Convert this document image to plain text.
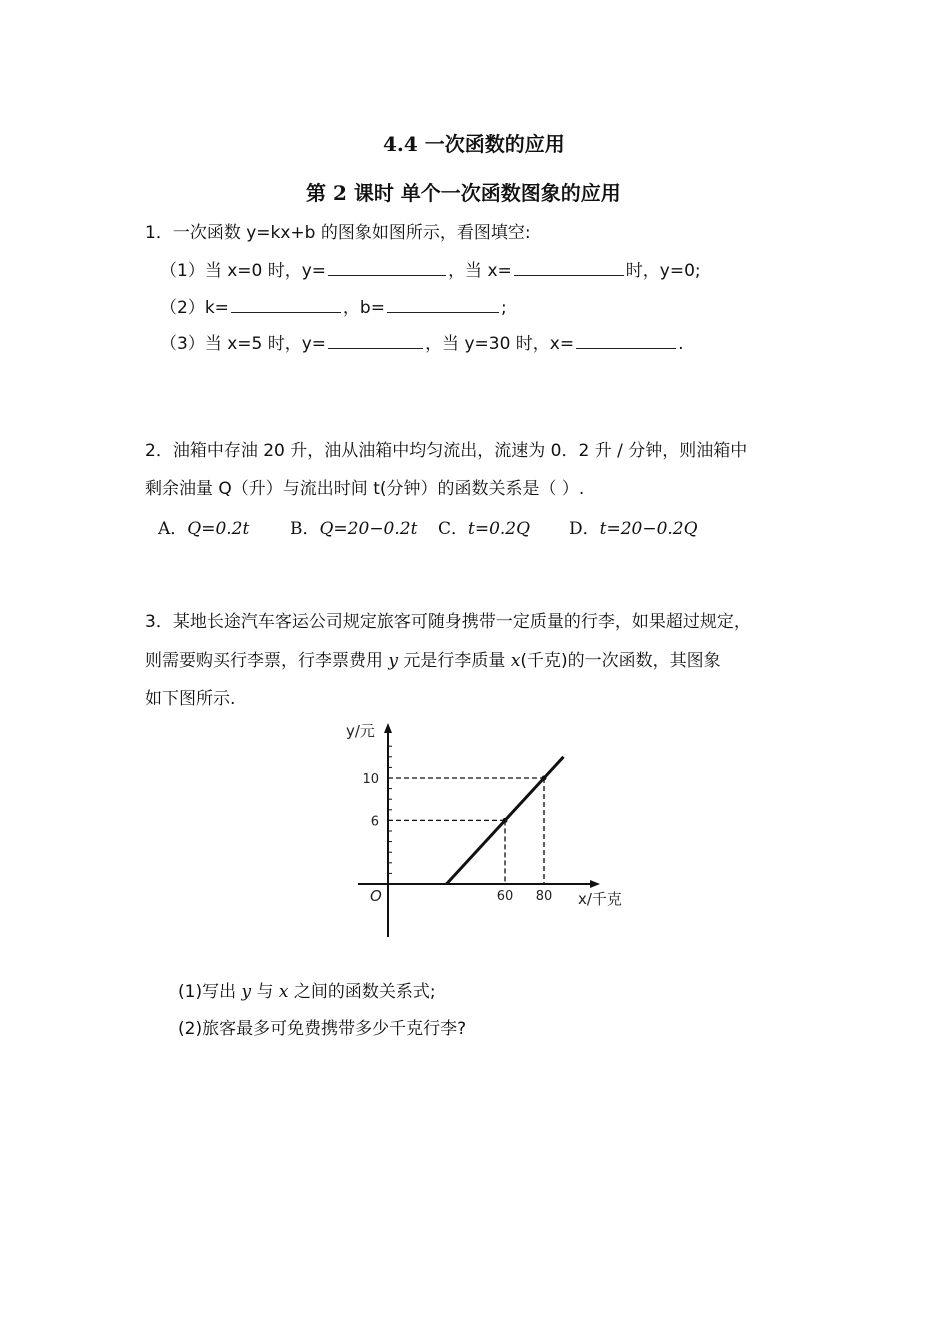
4.4 一次函数的应用
第 2 课时 单个一次函数图象的应用
1．一次函数 y=kx+b 的图象如图所示，看图填空:
（1）当 x=0 时，y=	，当 x=	时，y=0;
（2）k=	，b=	;
（3）当 x=5 时，y=	，当 y=30 时，x=	.
2．油箱中存油 20 升，油从油箱中均匀流出，流速为 0．2 升 / 分钟，则油箱中
剩余油量 Q（升）与流出时间 t(分钟）的函数关系是（ ）.
A．Q=0.2t B．Q=20−0.2t C．t=0.2Q D．t=20−0.2Q
3．某地长途汽车客运公司规定旅客可随身携带一定质量的行李，如果超过规定，
则需要购买行李票，行李票费用 y 元是行李质量 x(千克)的一次函数，其图象
如下图所示.
60 80
6
10
O
y/元
x/千克
(1)写出 y 与 x 之间的函数关系式;
(2)旅客最多可免费携带多少千克行李?
